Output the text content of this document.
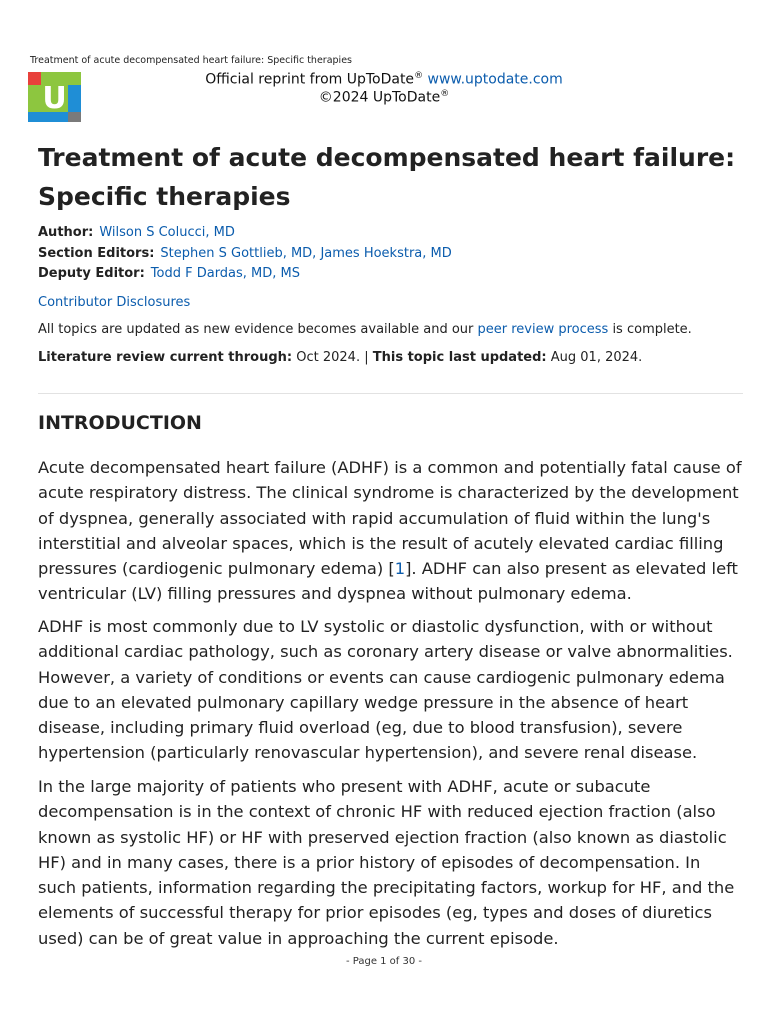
Treatment of acute decompensated heart failure: Specific therapies
U
Official reprint from UpToDate® www.uptodate.com
©2024 UpToDate®
Treatment of acute decompensated heart failure: Specific therapies
Author: Wilson S Colucci, MD
Section Editors: Stephen S Gottlieb, MD, James Hoekstra, MD
Deputy Editor: Todd F Dardas, MD, MS
Contributor Disclosures
All topics are updated as new evidence becomes available and our peer review process is complete.
Literature review current through: Oct 2024. | This topic last updated: Aug 01, 2024.
INTRODUCTION

Acute decompensated heart failure (ADHF) is a common and potentially fatal cause of acute respiratory distress. The clinical syndrome is characterized by the development of dyspnea, generally associated with rapid accumulation of fluid within the lung's interstitial and alveolar spaces, which is the result of acutely elevated cardiac filling pressures (cardiogenic pulmonary edema) [1]. ADHF can also present as elevated left ventricular (LV) filling pressures and dyspnea without pulmonary edema.

ADHF is most commonly due to LV systolic or diastolic dysfunction, with or without additional cardiac pathology, such as coronary artery disease or valve abnormalities. However, a variety of conditions or events can cause cardiogenic pulmonary edema due to an elevated pulmonary capillary wedge pressure in the absence of heart disease, including primary fluid overload (eg, due to blood transfusion), severe hypertension (particularly renovascular hypertension), and severe renal disease.

In the large majority of patients who present with ADHF, acute or subacute decompensation is in the context of chronic HF with reduced ejection fraction (also known as systolic HF) or HF with preserved ejection fraction (also known as diastolic HF) and in many cases, there is a prior history of episodes of decompensation. In such patients, information regarding the precipitating factors, workup for HF, and the elements of successful therapy for prior episodes (eg, types and doses of diuretics used) can be of great value in approaching the current episode.

- Page 1 of 30 -
